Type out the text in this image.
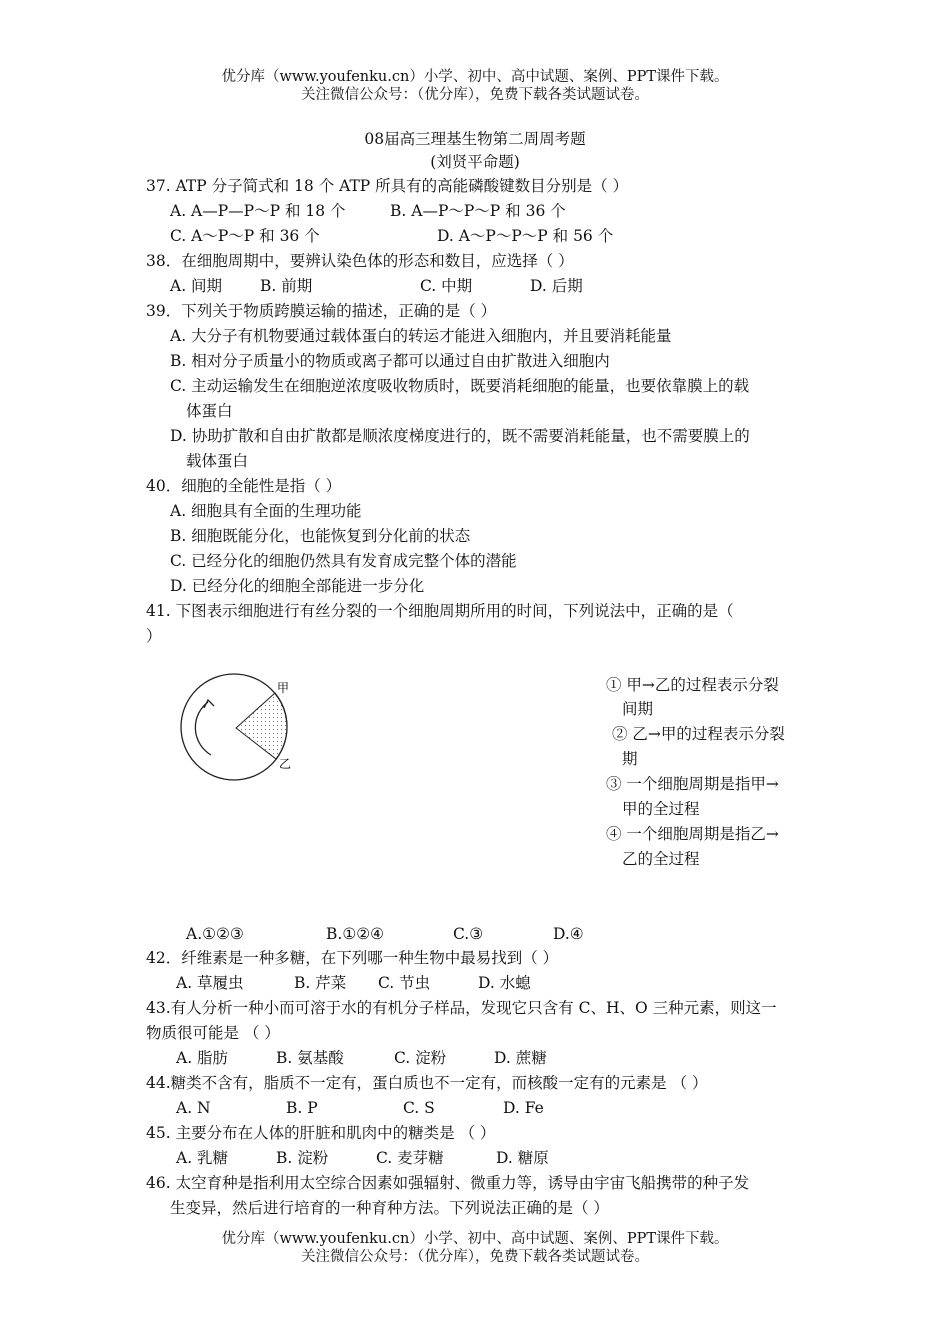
优分库（www.youfenku.cn）小学、初中、高中试题、案例、PPT课件下载。
关注微信公众号：（优分库），免费下载各类试题试卷。
08届高三理基生物第二周周考题
(刘贤平命题)
37. ATP 分子简式和 18 个 ATP 所具有的高能磷酸键数目分别是（ ）
A. A—P—P～P 和 18 个	B. A—P～P～P 和 36 个
C. A～P～P 和 36 个	D. A～P～P～P 和 56 个
38．在细胞周期中，要辨认染色体的形态和数目，应选择（ ）
A. 间期 B. 前期	C. 中期	D. 后期
39．下列关于物质跨膜运输的描述，正确的是（ ）
A. 大分子有机物要通过载体蛋白的转运才能进入细胞内，并且要消耗能量
B. 相对分子质量小的物质或离子都可以通过自由扩散进入细胞内
C. 主动运输发生在细胞逆浓度吸收物质时，既要消耗细胞的能量，也要依靠膜上的载
体蛋白
D. 协助扩散和自由扩散都是顺浓度梯度进行的，既不需要消耗能量，也不需要膜上的
载体蛋白
40．细胞的全能性是指（ ）
A. 细胞具有全面的生理功能
B. 细胞既能分化，也能恢复到分化前的状态
C. 已经分化的细胞仍然具有发育成完整个体的潜能
D. 已经分化的细胞全部能进一步分化
41. 下图表示细胞进行有丝分裂的一个细胞周期所用的时间，下列说法中，正确的是（
）
甲
乙
① 甲→乙的过程表示分裂
间期
② 乙→甲的过程表示分裂
期
③ 一个细胞周期是指甲→
甲的全过程
④ 一个细胞周期是指乙→
乙的全过程
A.①②③	B.①②④	C.③	D.④
42．纤维素是一种多糖，在下列哪一种生物中最易找到（ ）
A. 草履虫	B. 芹菜 C. 节虫	D. 水螅
43.有人分析一种小而可溶于水的有机分子样品，发现它只含有 C、H、O 三种元素，则这一
物质很可能是 （ ）
A. 脂肪	B. 氨基酸	C. 淀粉	D. 蔗糖
44.糖类不含有，脂质不一定有，蛋白质也不一定有，而核酸一定有的元素是 （ ）
A. N	B. P	C. S	D. Fe
45. 主要分布在人体的肝脏和肌肉中的糖类是 （ ）
A. 乳糖	B. 淀粉	C. 麦芽糖	D. 糖原
46. 太空育种是指利用太空综合因素如强辐射、微重力等，诱导由宇宙飞船携带的种子发
生变异，然后进行培育的一种育种方法。下列说法正确的是（ ）
优分库（www.youfenku.cn）小学、初中、高中试题、案例、PPT课件下载。
关注微信公众号：（优分库），免费下载各类试题试卷。
